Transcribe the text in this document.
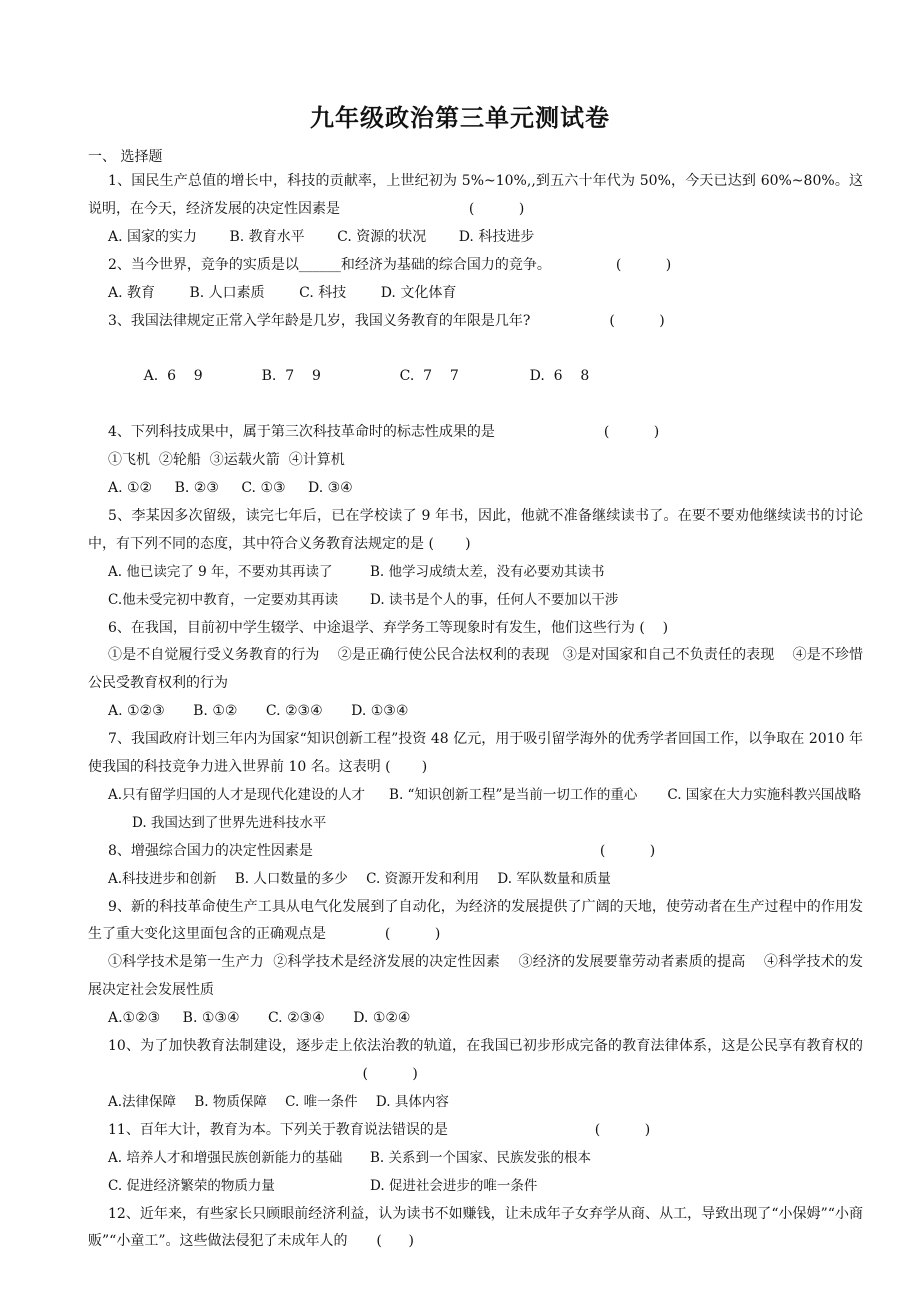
九年级政治第三单元测试卷
一、 选择题
1、国民生产总值的增长中，科技的贡献率，上世纪初为 5%~10%,,到五六十年代为 50%，今天已达到 60%~80%。这说明，在今天，经济发展的决定性因素是	(          )
A. 国家的实力 B. 教育水平 C. 资源的状况 D. 科技进步
2、当今世界，竞争的实质是以______和经济为基础的综合国力的竞争。	(          )
A. 教育 B. 人口素质 C. 科技 D. 文化体育
3、我国法律规定正常入学年龄是几岁，我国义务教育的年限是几年?	(          )

A.  6    9	B.  7    9	C.  7    7	D.  6    8

4、下列科技成果中，属于第三次科技革命时的标志性成果的是	(          )
①飞机  ②轮船  ③运载火箭  ④计算机
A. ①② B. ②③ C. ①③ D. ③④
5、李某因多次留级，读完七年后，已在学校读了 9 年书，因此，他就不准备继续读书了。在要不要劝他继续读书的讨论中，有下列不同的态度，其中符合义务教育法规定的是 (       )
A. 他已读完了 9 年，不要劝其再读了	B. 他学习成绩太差，没有必要劝其读书
C.他未受完初中教育，一定要劝其再读 D. 读书是个人的事，任何人不要加以干涉
6、在我国，目前初中学生辍学、中途退学、弃学务工等现象时有发生，他们这些行为 (    )
①是不自觉履行受义务教育的行为    ②是正确行使公民合法权利的表现   ③是对国家和自己不负责任的表现    ④是不珍惜公民受教育权利的行为
A. ①②③ B. ①② C. ②③④ D. ①③④
7、我国政府计划三年内为国家“知识创新工程”投资 48 亿元，用于吸引留学海外的优秀学者回国工作，以争取在 2010 年使我国的科技竞争力进入世界前 10 名。这表明 (       )
A.只有留学归国的人才是现代化建设的人才 B. “知识创新工程”是当前一切工作的重心 C. 国家在大力实施科教兴国战略D. 我国达到了世界先进科技水平
8、增强综合国力的决定性因素是	(          )
A.科技进步和创新 B. 人口数量的多少 C. 资源开发和利用 D. 军队数量和质量
9、新的科技革命使生产工具从电气化发展到了自动化，为经济的发展提供了广阔的天地，使劳动者在生产过程中的作用发生了重大变化这里面包含的正确观点是	(          )
①科学技术是第一生产力  ②科学技术是经济发展的决定性因素    ③经济的发展要靠劳动者素质的提高    ④科学技术的发展决定社会发展性质
A.①②③ B. ①③④ C. ②③④ D. ①②④
10、为了加快教育法制建设，逐步走上依法治教的轨道，在我国已初步形成完备的教育法律体系，这是公民享有教育权的  (          )
A.法律保障 B. 物质保障 C. 唯一条件 D. 具体内容
11、百年大计，教育为本。下列关于教育说法错误的是	(          )
A. 培养人才和增强民族创新能力的基础 B. 关系到一个国家、民族发张的根本
C. 促进经济繁荣的物质力量	D. 促进社会进步的唯一条件
12、近年来，有些家长只顾眼前经济利益，认为读书不如赚钱，让未成年子女弃学从商、从工，导致出现了“小保姆”“小商贩”“小童工”。这些做法侵犯了未成年人的 (      )
